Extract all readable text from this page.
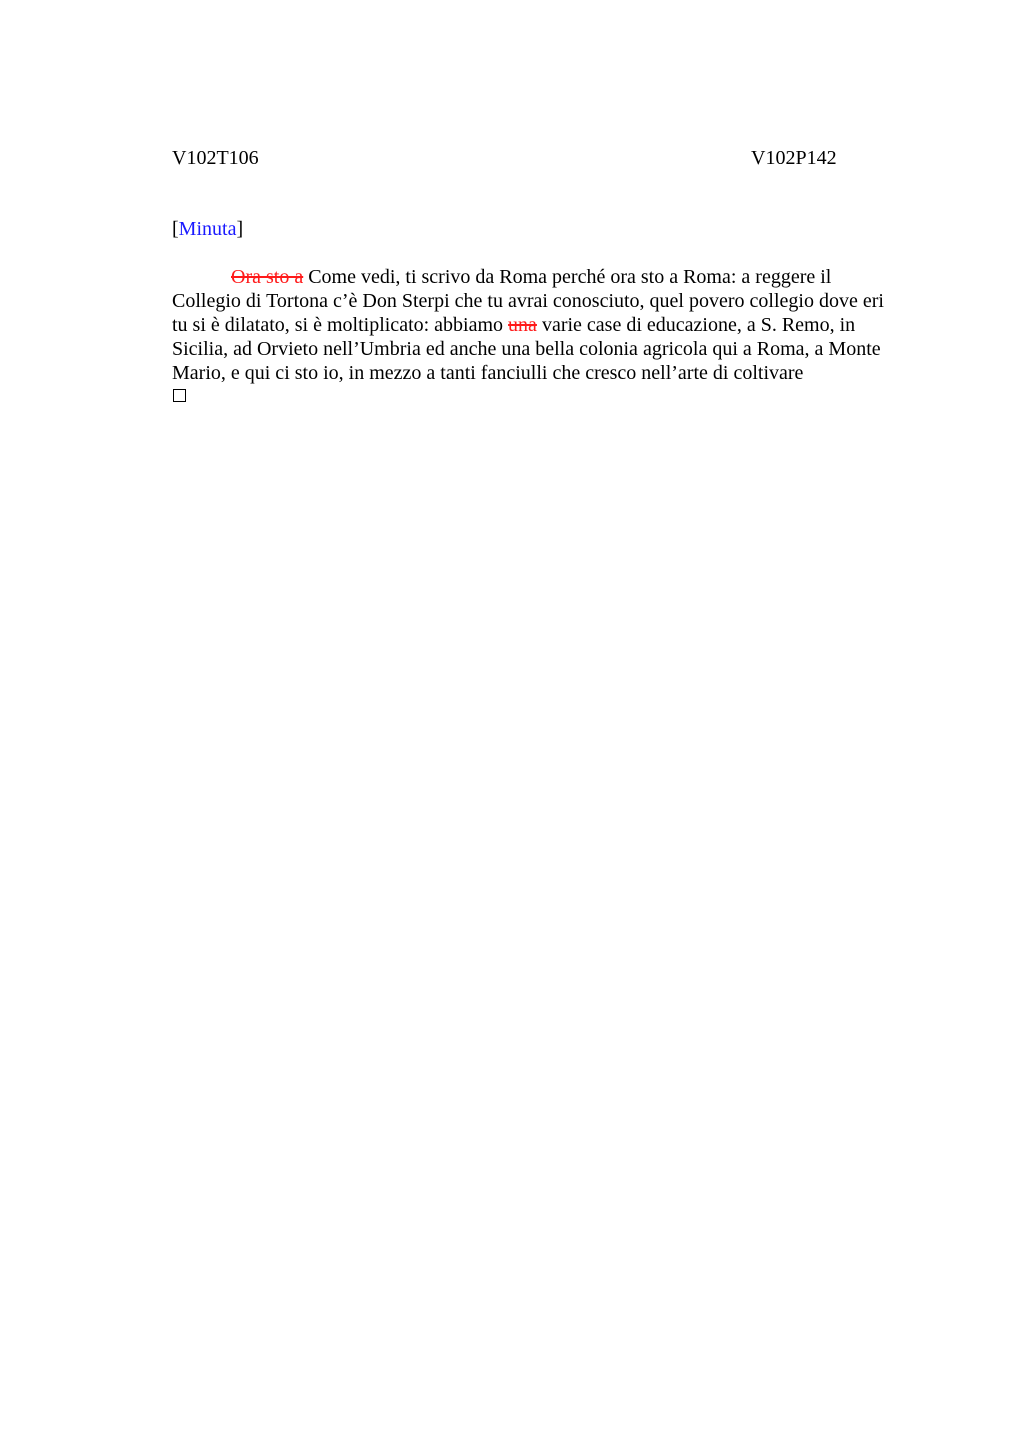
V102T106	V102P142
[Minuta]
Ora sto a Come vedi, ti scrivo da Roma perché ora sto a Roma: a reggere il
Collegio di Tortona c’è Don Sterpi che tu avrai conosciuto, quel povero collegio dove eri
tu si è dilatato, si è moltiplicato: abbiamo una varie case di educazione, a S. Remo, in
Sicilia, ad Orvieto nell’Umbria ed anche una bella colonia agricola qui a Roma, a Monte
Mario, e qui ci sto io, in mezzo a tanti fanciulli che cresco nell’arte di coltivare
